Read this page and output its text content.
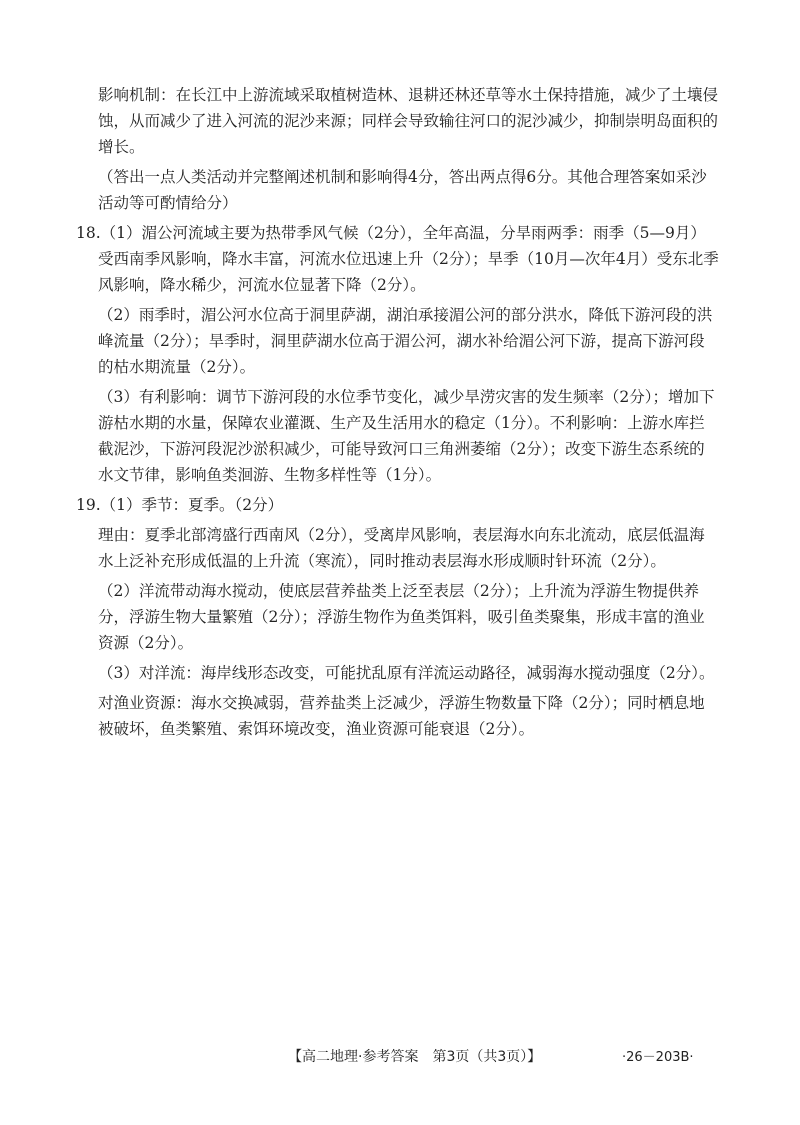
影响机制：在长江中上游流域采取植树造林、退耕还林还草等水土保持措施，减少了土壤侵蚀，从而减少了进入河流的泥沙来源；同样会导致输往河口的泥沙减少，抑制崇明岛面积的增长。

（答出一点人类活动并完整阐述机制和影响得4分，答出两点得6分。其他合理答案如采沙活动等可酌情给分）

18.（1）湄公河流域主要为热带季风气候（2分），全年高温，分旱雨两季：雨季（5—9月）受西南季风影响，降水丰富，河流水位迅速上升（2分）；旱季（10月—次年4月）受东北季风影响，降水稀少，河流水位显著下降（2分）。

（2）雨季时，湄公河水位高于洞里萨湖，湖泊承接湄公河的部分洪水，降低下游河段的洪峰流量（2分）；旱季时，洞里萨湖水位高于湄公河，湖水补给湄公河下游，提高下游河段的枯水期流量（2分）。

（3）有利影响：调节下游河段的水位季节变化，减少旱涝灾害的发生频率（2分）；增加下游枯水期的水量，保障农业灌溉、生产及生活用水的稳定（1分）。不利影响：上游水库拦截泥沙，下游河段泥沙淤积减少，可能导致河口三角洲萎缩（2分）；改变下游生态系统的水文节律，影响鱼类洄游、生物多样性等（1分）。

19.（1）季节：夏季。（2分）

理由：夏季北部湾盛行西南风（2分），受离岸风影响，表层海水向东北流动，底层低温海水上泛补充形成低温的上升流（寒流），同时推动表层海水形成顺时针环流（2分）。

（2）洋流带动海水搅动，使底层营养盐类上泛至表层（2分）；上升流为浮游生物提供养分，浮游生物大量繁殖（2分）；浮游生物作为鱼类饵料，吸引鱼类聚集，形成丰富的渔业资源（2分）。

（3）对洋流：海岸线形态改变，可能扰乱原有洋流运动路径，减弱海水搅动强度（2分）。

对渔业资源：海水交换减弱，营养盐类上泛减少，浮游生物数量下降（2分）；同时栖息地被破坏，鱼类繁殖、索饵环境改变，渔业资源可能衰退（2分）。

【高二地理·参考答案　第3页（共3页）】	·26－203B·
